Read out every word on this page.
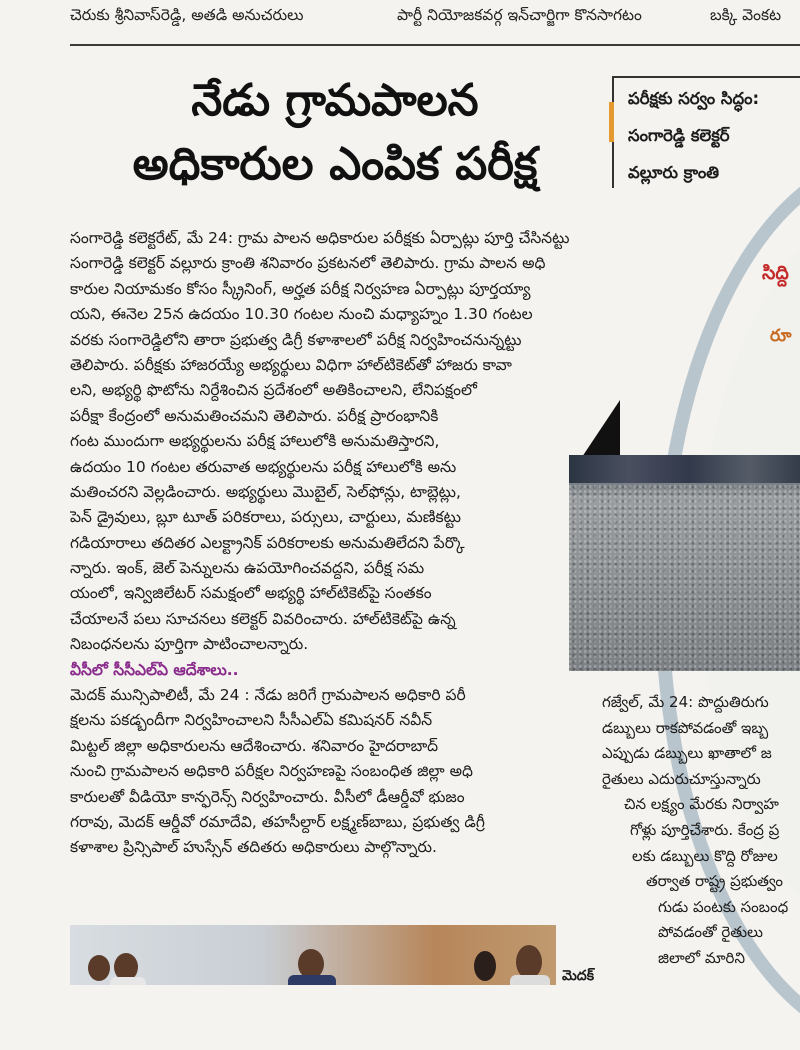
చెరుకు శ్రీనివాస్‌రెడ్డి, అతడి అనుచరులు	పార్టీ నియోజకవర్గ ఇన్‌చార్జిగా కొనసాగటం	బక్కి వెంకట
నేడు గ్రామపాలన
అధికారుల ఎంపిక పరీక్ష
సిద్ది
రూ
పరీక్షకు సర్వం సిద్ధం:
సంగారెడ్డి కలెక్టర్‌
వల్లూరు క్రాంతి
సంగారెడ్డి కలెక్టరేట్‌, మే 24: గ్రామ పాలన అధికారుల పరీక్షకు ఏర్పాట్లు పూర్తి చేసినట్టు
సంగారెడ్డి కలెక్టర్‌ వల్లూరు క్రాంతి శనివారం ప్రకటనలో తెలిపారు. గ్రామ పాలన అధి
కారుల నియామకం కోసం స్క్రీనింగ్‌, అర్హత పరీక్ష నిర్వహణ ఏర్పాట్లు పూర్తయ్యా
యని, ఈనెల 25న ఉదయం 10.30 గంటల నుంచి మధ్యాహ్నం 1.30 గంటల
వరకు సంగారెడ్డిలోని తారా ప్రభుత్వ డిగ్రీ కళాశాలలో పరీక్ష నిర్వహించనున్నట్టు
తెలిపారు. పరీక్షకు హాజరయ్యే అభ్యర్థులు విధిగా హాల్‌టికెట్‌తో హాజరు కావా
లని, అభ్యర్థి ఫొటోను నిర్దేశించిన ప్రదేశంలో అతికించాలని, లేనిపక్షంలో
పరీక్షా కేంద్రంలో అనుమతించమని తెలిపారు. పరీక్ష ప్రారంభానికి
గంట ముందుగా అభ్యర్థులను పరీక్ష హాలులోకి అనుమతిస్తారని,
ఉదయం 10 గంటల తరువాత అభ్యర్థులను పరీక్ష హాలులోకి అను
మతించరని వెల్లడించారు. అభ్యర్థులు మొబైల్‌, సెల్‌ఫోన్లు, టాబ్లెట్లు,
పెన్‌ డ్రైవులు, బ్లూ టూత్‌ పరికరాలు, పర్సులు, చార్టులు, మణికట్టు
గడియారాలు తదితర ఎలక్ట్రానిక్‌ పరికరాలకు అనుమతిలేదని పేర్కొ
న్నారు. ఇంక్‌, జెల్‌ పెన్నులను ఉపయోగించవద్దని, పరీక్ష సమ
యంలో, ఇన్విజిలేటర్‌ సమక్షంలో అభ్యర్థి హాల్‌టికెట్‌పై సంతకం
చేయాలనే పలు సూచనలు కలెక్టర్‌ వివరించారు. హాల్‌టికెట్‌పై ఉన్న
నిబంధనలను పూర్తిగా పాటించాలన్నారు.
వీసీలో సీసీఎల్‌ఏ ఆదేశాలు..
మెదక్‌ మున్సిపాలిటీ, మే 24 : నేడు జరిగే గ్రామపాలన అధికారి పరీ
క్షలను పకడ్బందీగా నిర్వహించాలని సీసీఎల్‌ఏ కమిషనర్‌ నవీన్‌
మిట్టల్‌ జిల్లా అధికారులను ఆదేశించారు. శనివారం హైదరాబాద్‌
నుంచి గ్రామపాలన అధికారి పరీక్షల నిర్వహణపై సంబంధిత జిల్లా అధి
కారులతో వీడియో కాన్ఫరెన్స్‌ నిర్వహించారు. వీసీలో డీఆర్డీవో భుజం
గరావు, మెదక్‌ ఆర్డీవో రమాదేవి, తహసీల్దార్‌ లక్ష్మణ్‌బాబు, ప్రభుత్వ డిగ్రీ
కళాశాల ప్రిన్సిపాల్‌ హుస్సేన్‌ తదితరు అధికారులు పాల్గొన్నారు.
గజ్వేల్‌, మే 24: పొద్దుతిరుగు
డబ్బులు రాకపోవడంతో ఇబ్బ
ఎప్పుడు డబ్బులు ఖాతాలో జ
రైతులు ఎదురుచూస్తున్నారు
చిన లక్ష్యం మేరకు నిర్వాహ
గోళ్లు పూర్తిచేశారు. కేంద్ర ప్ర
లకు డబ్బులు కొద్ది రోజుల
తర్వాత రాష్ట్ర ప్రభుత్వం
గుడు పంటకు సంబంధ
పోవడంతో రైతులు
జిలాలో మారిని
మెదక్‌
